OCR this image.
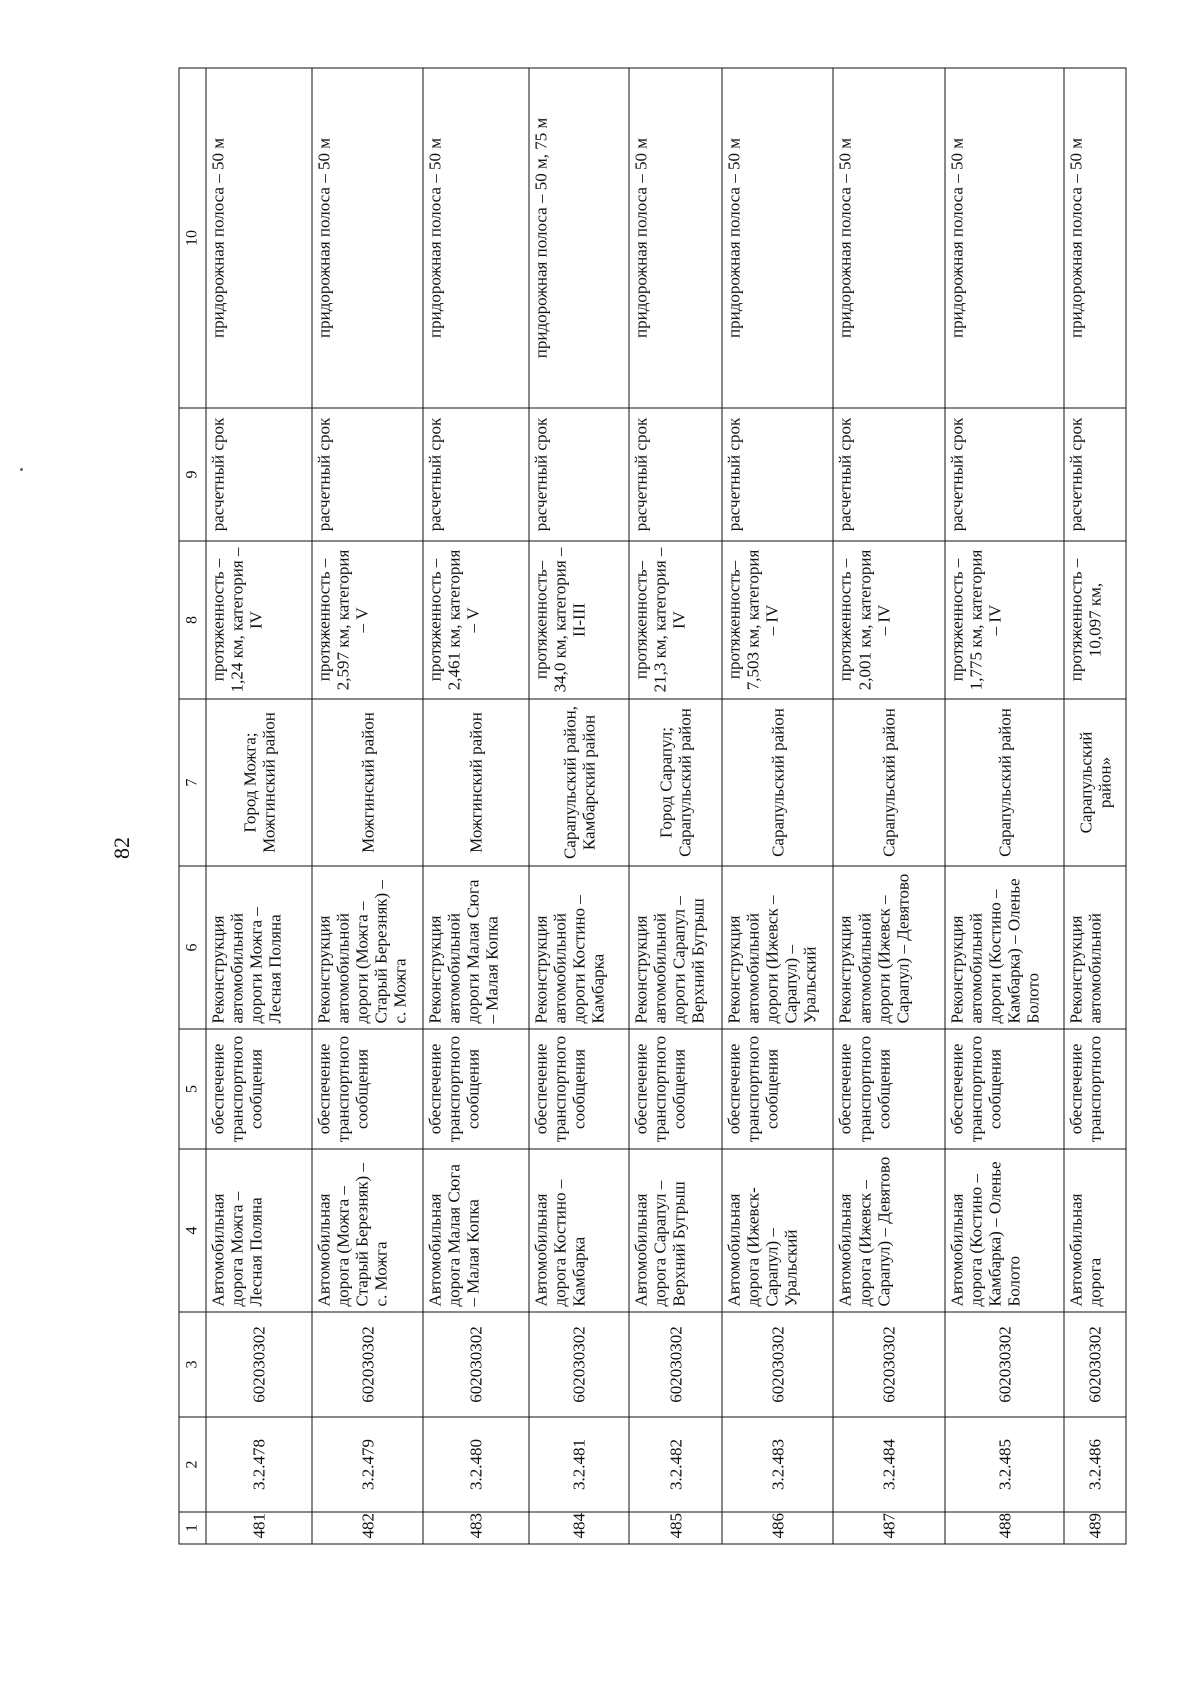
82
1	2	3	4	5	6	7	8	9	10
481	3.2.478	602030302	Автомобильная дорога Можга – Лесная Поляна	обеспечение транспортного сообщения	Реконструкция автомобильной дороги Можга – Лесная Поляна	Город Можга; Можгинский район	протяженность – 1,24 км, категория – IV	расчетный срок	придорожная полоса – 50 м
482	3.2.479	602030302	Автомобильная дорога (Можга – Старый Березняк) – с. Можга	обеспечение транспортного сообщения	Реконструкция автомобильной дороги (Можга – Старый Березняк) – с. Можга	Можгинский район	протяженность – 2,597 км, категория – V	расчетный срок	придорожная полоса – 50 м
483	3.2.480	602030302	Автомобильная дорога Малая Сюга – Малая Копка	обеспечение транспортного сообщения	Реконструкция автомобильной дороги Малая Сюга – Малая Копка	Можгинский район	протяженность – 2,461 км, категория – V	расчетный срок	придорожная полоса – 50 м
484	3.2.481	602030302	Автомобильная дорога Костино – Камбарка	обеспечение транспортного сообщения	Реконструкция автомобильной дороги Костино – Камбарка	Сарапульский район, Камбарский район	протяженность– 34,0 км, категория – II-III	расчетный срок	придорожная полоса – 50 м, 75 м
485	3.2.482	602030302	Автомобильная дорога Сарапул – Верхний Бугрыш	обеспечение транспортного сообщения	Реконструкция автомобильной дороги Сарапул – Верхний Бугрыш	Город Сарапул; Сарапульский район	протяженность– 21,3 км, категория – IV	расчетный срок	придорожная полоса – 50 м
486	3.2.483	602030302	Автомобильная дорога (Ижевск-Сарапул) – Уральский	обеспечение транспортного сообщения	Реконструкция автомобильной дороги (Ижевск – Сарапул) – Уральский	Сарапульский район	протяженность– 7,503 км, категория – IV	расчетный срок	придорожная полоса – 50 м
487	3.2.484	602030302	Автомобильная дорога (Ижевск – Сарапул) – Девятово	обеспечение транспортного сообщения	Реконструкция автомобильной дороги (Ижевск – Сарапул) – Девятово	Сарапульский район	протяженность – 2,001 км, категория – IV	расчетный срок	придорожная полоса – 50 м
488	3.2.485	602030302	Автомобильная дорога (Костино – Камбарка) – Оленье Болото	обеспечение транспортного сообщения	Реконструкция автомобильной дороги (Костино – Камбарка) – Оленье Болото	Сарапульский район	протяженность – 1,775 км, категория – IV	расчетный срок	придорожная полоса – 50 м
489	3.2.486	602030302	Автомобильная дорога	обеспечение транспортного	Реконструкция автомобильной	Сарапульский район»	протяженность – 10,097 км,	расчетный срок	придорожная полоса – 50 м
